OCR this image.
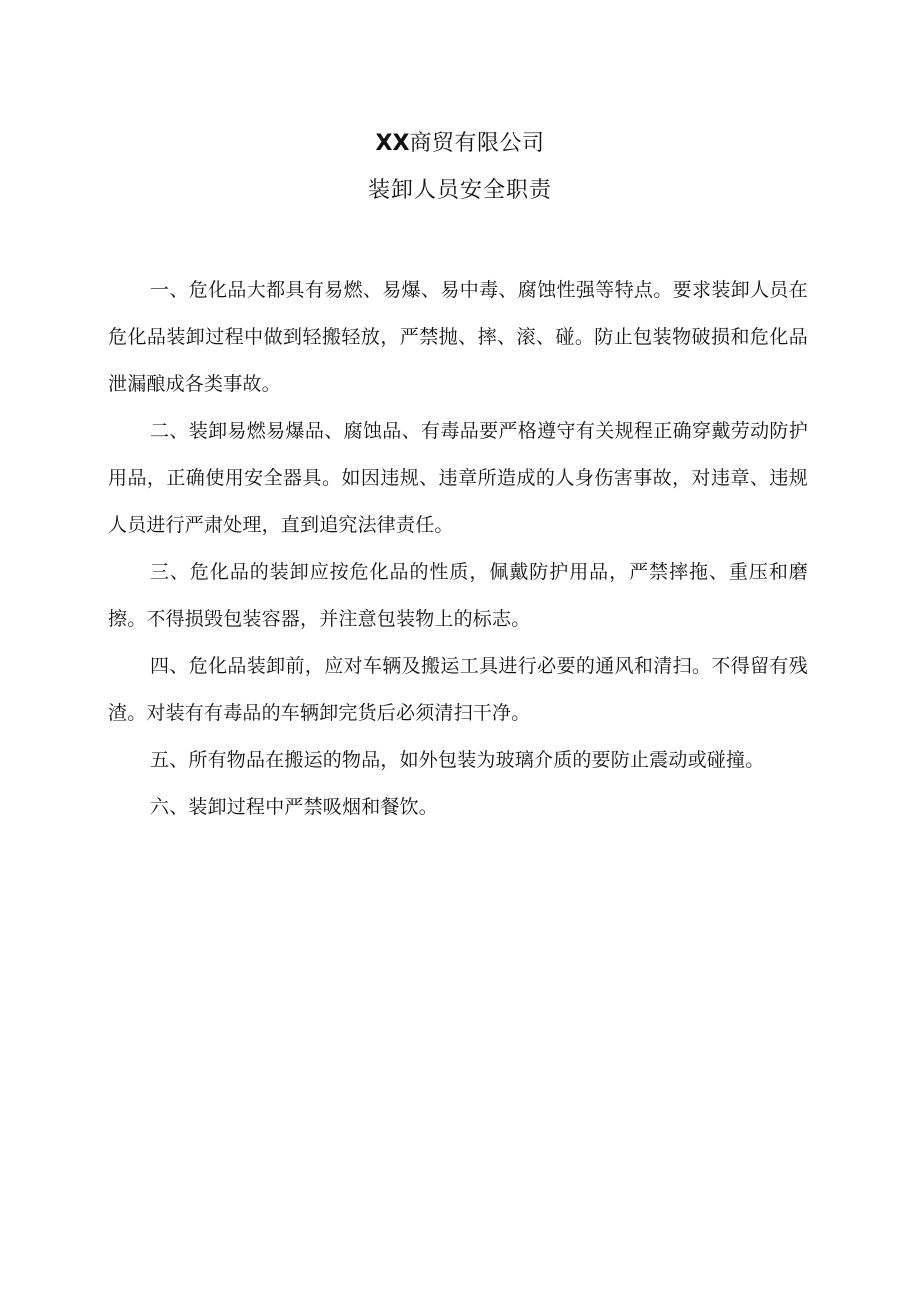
XX商贸有限公司
装卸人员安全职责

一、危化品大都具有易燃、易爆、易中毒、腐蚀性强等特点。要求装卸人员在危化品装卸过程中做到轻搬轻放，严禁抛、摔、滚、碰。防止包装物破损和危化品泄漏酿成各类事故。

二、装卸易燃易爆品、腐蚀品、有毒品要严格遵守有关规程正确穿戴劳动防护用品，正确使用安全器具。如因违规、违章所造成的人身伤害事故，对违章、违规人员进行严肃处理，直到追究法律责任。

三、危化品的装卸应按危化品的性质，佩戴防护用品，严禁摔拖、重压和磨擦。不得损毁包装容器，并注意包装物上的标志。

四、危化品装卸前，应对车辆及搬运工具进行必要的通风和清扫。不得留有残渣。对装有有毒品的车辆卸完货后必须清扫干净。

五、所有物品在搬运的物品，如外包装为玻璃介质的要防止震动或碰撞。

六、装卸过程中严禁吸烟和餐饮。
